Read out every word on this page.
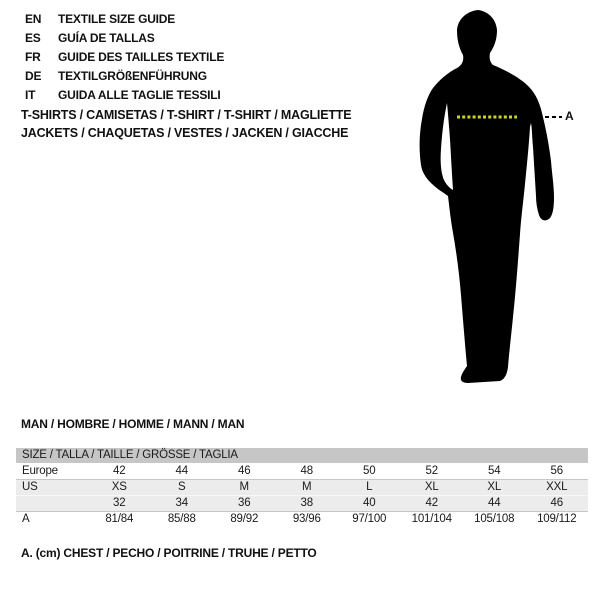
EN	TEXTILE SIZE GUIDE
ES	GUÍA DE TALLAS
FR	GUIDE DES TAILLES TEXTILE
DE	TEXTILGRÖßENFÜHRUNG
IT	GUIDA ALLE TAGLIE TESSILI
T-SHIRTS / CAMISETAS / T-SHIRT / T-SHIRT / MAGLIETTE
JACKETS / CHAQUETAS / VESTES / JACKEN / GIACCHE
A
MAN / HOMBRE / HOMME / MANN / MAN
SIZE / TALLA / TAILLE / GRÖSSE / TAGLIA
Europe	42	44	46	48	50	52	54	56
US	XS	S	M	M	L	XL	XL	XXL
	32	34	36	38	40	42	44	46
A	81/84	85/88	89/92	93/96	97/100	101/104	105/108	109/112
A. (cm) CHEST / PECHO / POITRINE / TRUHE / PETTO
